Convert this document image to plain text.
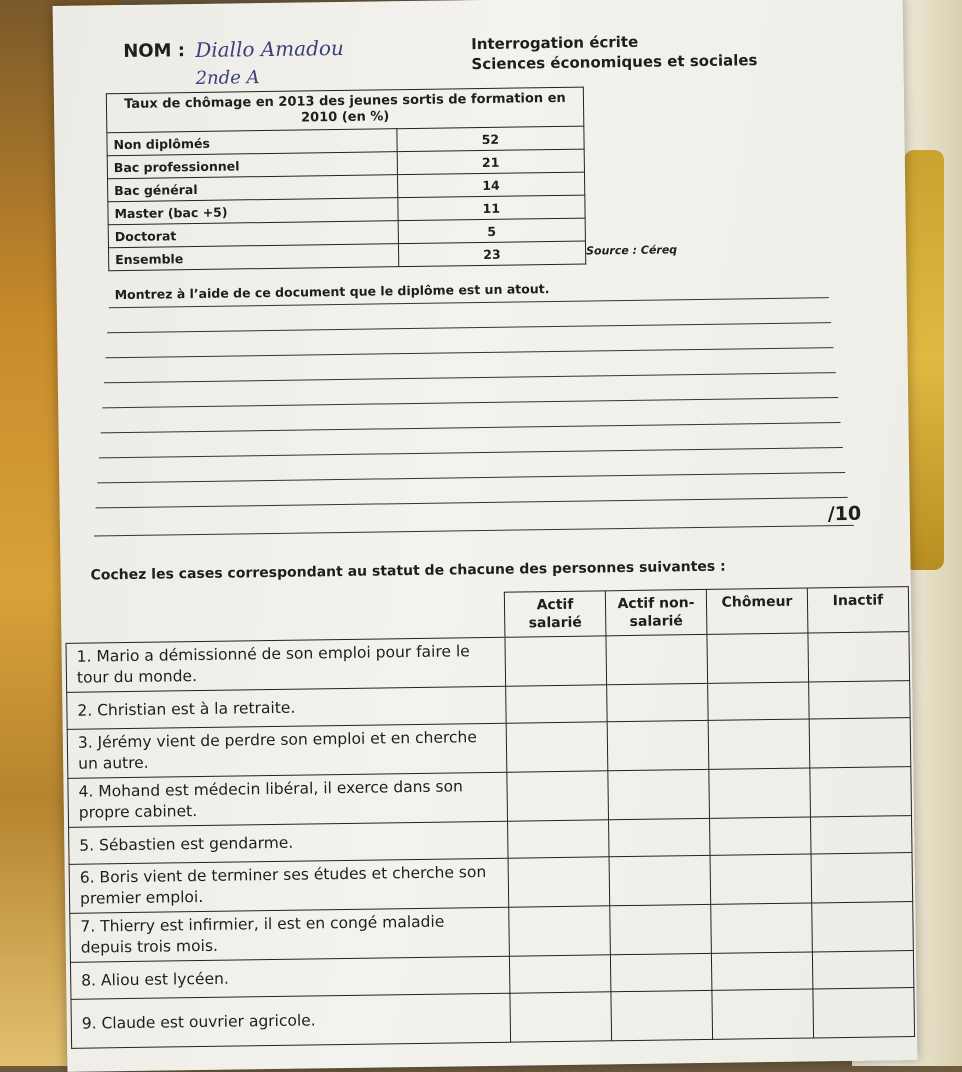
NOM : Diallo Amadou
2nde A
Interrogation écrite
Sciences économiques et sociales
Taux de chômage en 2013 des jeunes sortis de formation en 2010 (en %)	
Non diplômés	52
Bac professionnel	21
Bac général	14
Master (bac +5)	11
Doctorat	5
Ensemble	23	Source : Céreq
Montrez à l’aide de ce document que le diplôme est un atout.
/10
Cochez les cases correspondant au statut de chacune des personnes suivantes :
	Actif salarié	Actif non-salarié	Chômeur	Inactif
1. Mario a démissionné de son emploi pour faire le tour du monde.				
2. Christian est à la retraite.				
3. Jérémy vient de perdre son emploi et en cherche un autre.				
4. Mohand est médecin libéral, il exerce dans son propre cabinet.				
5. Sébastien est gendarme.				
6. Boris vient de terminer ses études et cherche son premier emploi.				
7. Thierry est infirmier, il est en congé maladie depuis trois mois.				
8. Aliou est lycéen.				
9. Claude est ouvrier agricole.				
